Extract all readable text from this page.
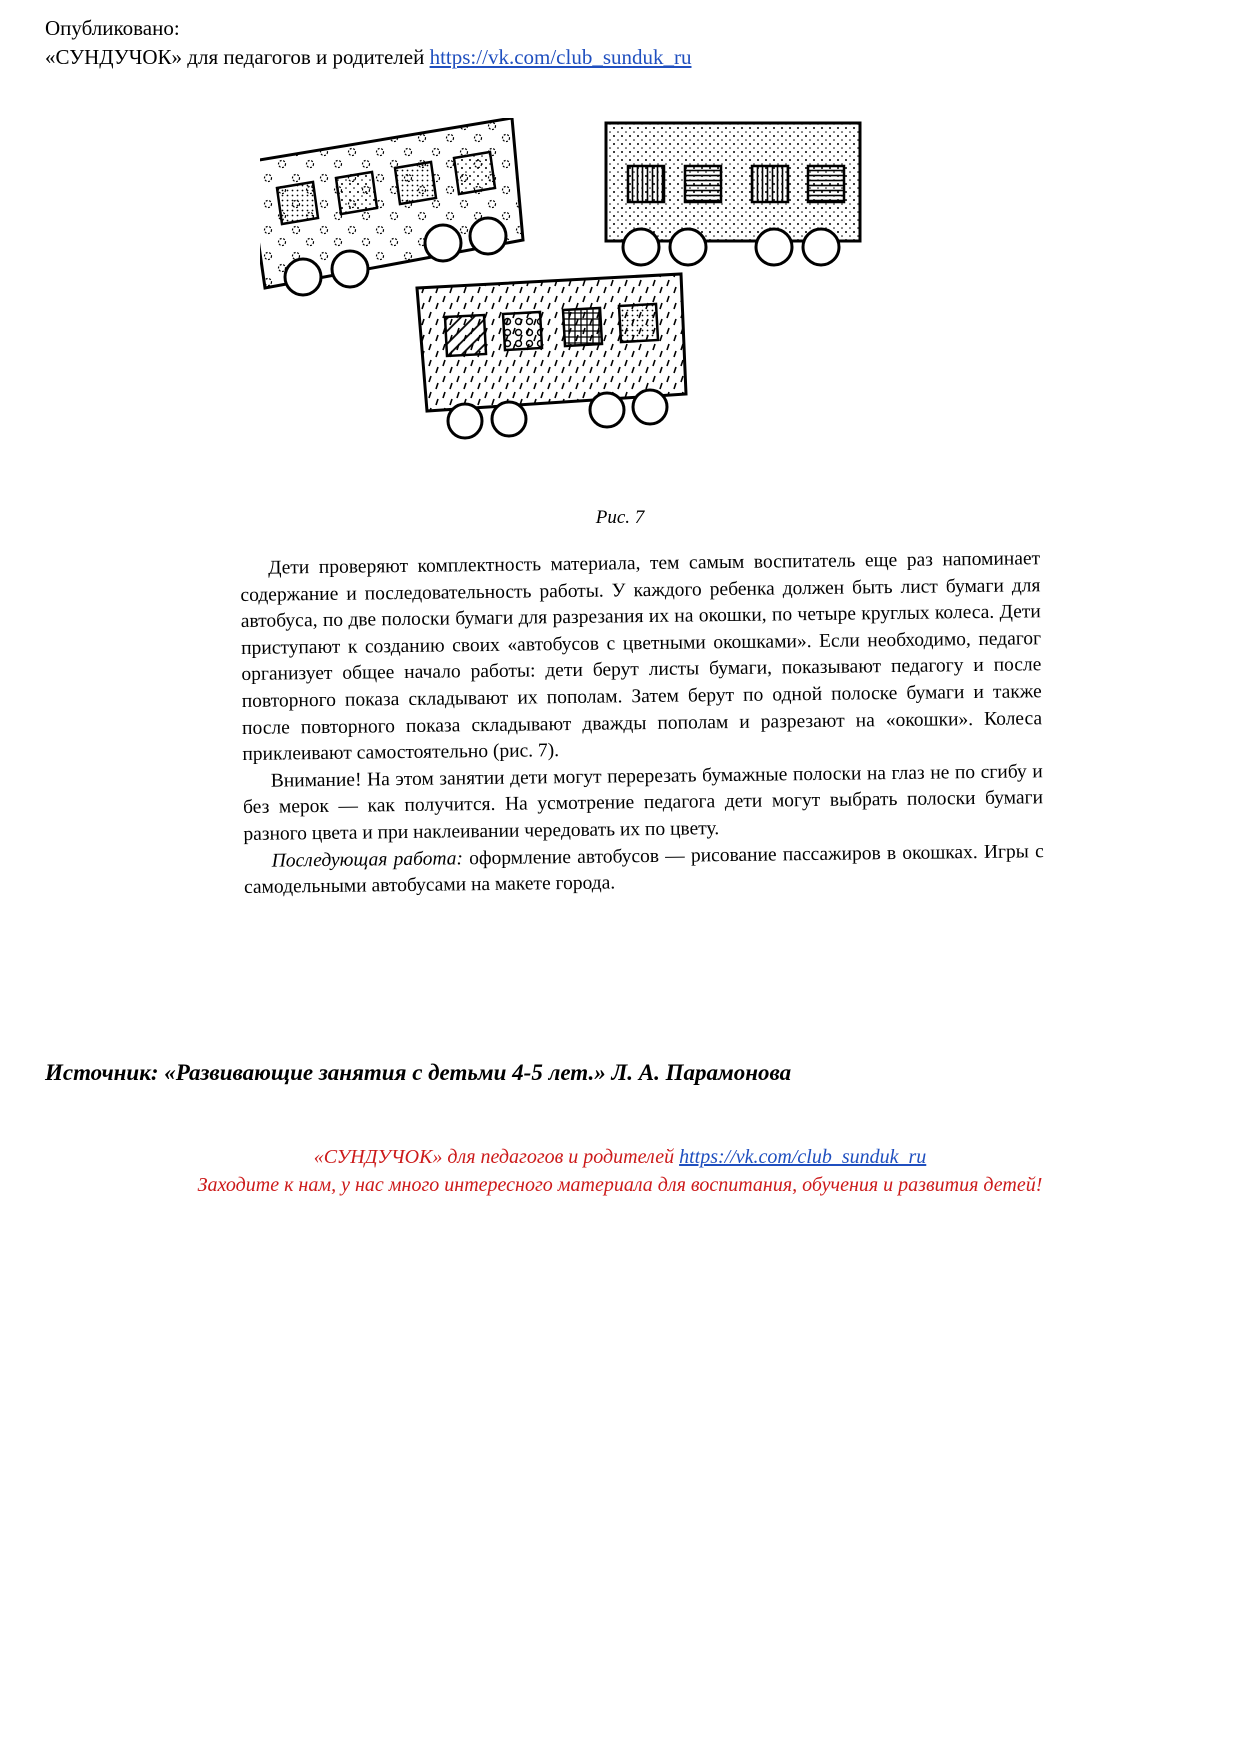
Опубликовано:
«СУНДУЧОК» для педагогов и родителей https://vk.com/club_sunduk_ru
Рис. 7

Дети проверяют комплектность материала, тем самым воспитатель еще раз напоминает содержание и последовательность работы. У каждого ребенка должен быть лист бумаги для автобуса, по две полоски бумаги для разрезания их на окошки, по четыре круглых колеса. Дети приступают к созданию своих «автобусов с цветными окошками». Если необходимо, педагог организует общее начало работы: дети берут листы бумаги, показывают педагогу и после повторного показа складывают их пополам. Затем берут по одной полоске бумаги и также после повторного показа складывают дважды пополам и разрезают на «окошки». Колеса приклеивают самостоятельно (рис. 7).

Внимание! На этом занятии дети могут перерезать бумажные полоски на глаз не по сгибу и без мерок — как получится. На усмотрение педагога дети могут выбрать полоски бумаги разного цвета и при наклеивании чередовать их по цвету.

Последующая работа: оформление автобусов — рисование пассажиров в окошках. Игры с самодельными автобусами на макете города.

Источник: «Развивающие занятия с детьми 4-5 лет.» Л. А. Парамонова
«СУНДУЧОК» для педагогов и родителей https://vk.com/club_sunduk_ru
Заходите к нам, у нас много интересного материала для воспитания, обучения и развития детей!
